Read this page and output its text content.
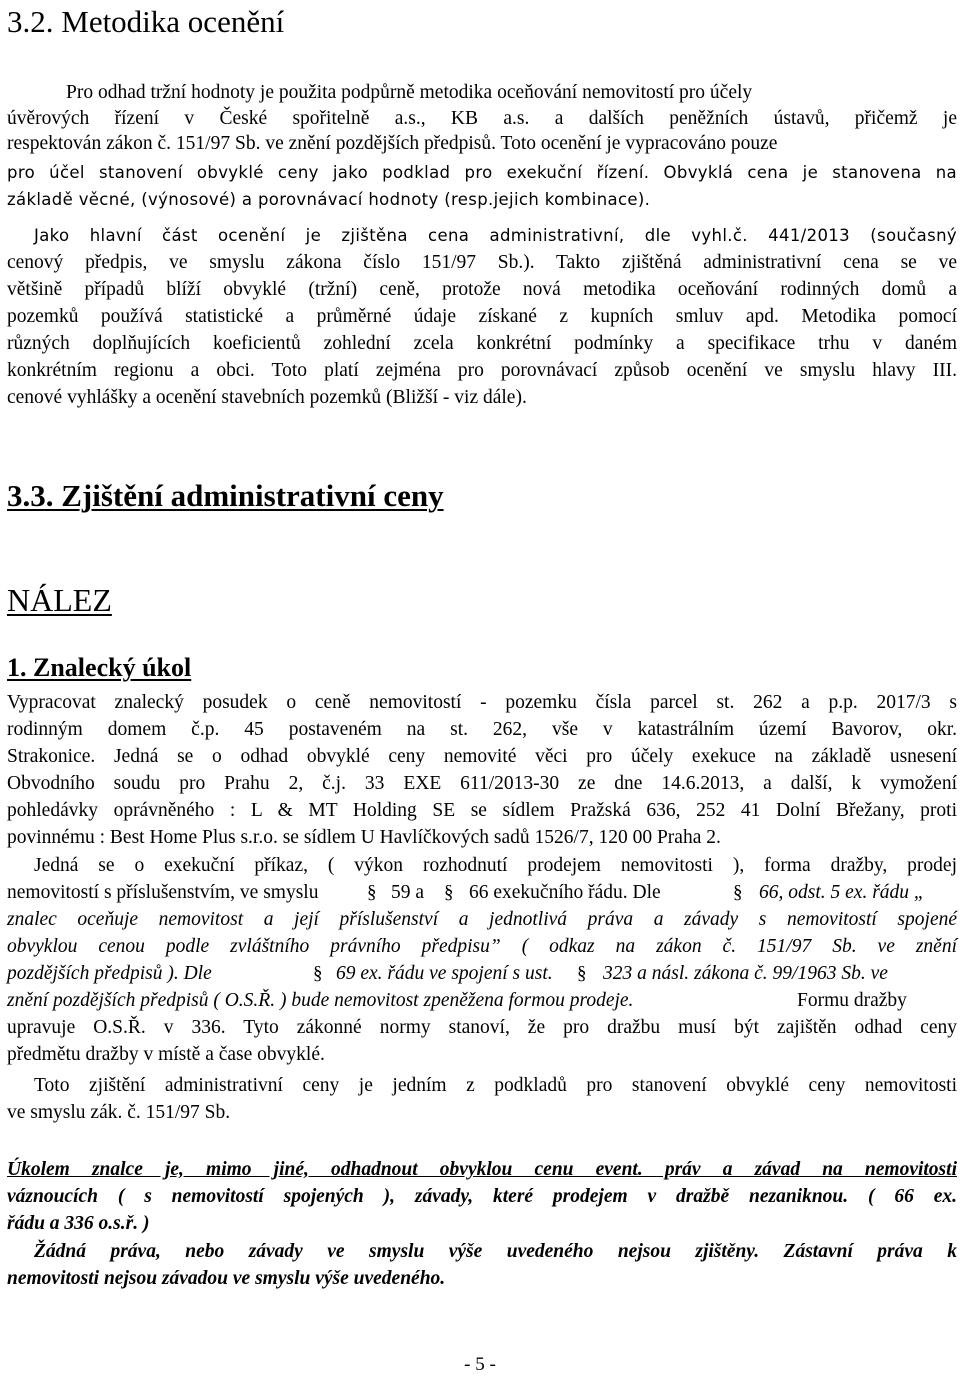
3.2. Metodika ocenění

Pro odhad tržní hodnoty je použita podpůrně metodika oceňování nemovitostí pro účely

úvěrových řízení v České spořitelně a.s., KB a.s. a dalších peněžních ústavů, přičemž je

respektován zákon č. 151/97 Sb. ve znění pozdějších předpisů. Toto ocenění je vypracováno pouze

pro účel stanovení obvyklé ceny jako podklad pro exekuční řízení. Obvyklá cena je stanovena na

základě věcné, (výnosové) a porovnávací hodnoty (resp.jejich kombinace).

Jako hlavní část ocenění je zjištěna cena administrativní, dle vyhl.č. 441/2013 (současný

cenový předpis, ve smyslu zákona číslo 151/97 Sb.). Takto zjištěná administrativní cena se ve

většině případů blíží obvyklé (tržní) ceně, protože nová metodika oceňování rodinných domů a

pozemků používá statistické a průměrné údaje získané z kupních smluv apd. Metodika pomocí

různých doplňujících koeficientů zohlední zcela konkrétní podmínky a specifikace trhu v daném

konkrétním regionu a obci. Toto platí zejména pro porovnávací způsob ocenění ve smyslu hlavy III.

cenové vyhlášky a ocenění stavebních pozemků (Bližší - viz dále).

3.3. Zjištění administrativní ceny
NÁLEZ
1. Znalecký úkol

Vypracovat znalecký posudek o ceně nemovitostí - pozemku čísla parcel st. 262 a p.p. 2017/3 s

rodinným domem č.p. 45 postaveném na st. 262, vše v katastrálním území Bavorov, okr.

Strakonice. Jedná se o odhad obvyklé ceny nemovité věci pro účely exekuce na základě usnesení

Obvodního soudu pro Prahu 2, č.j. 33 EXE 611/2013-30 ze dne 14.6.2013, a další, k vymožení

pohledávky oprávněného : L & MT Holding SE se sídlem Pražská 636, 252 41 Dolní Břežany, proti

povinnému : Best Home Plus s.r.o. se sídlem U Havlíčkových sadů 1526/7, 120 00 Praha 2.

Jedná se o exekuční příkaz, ( výkon rozhodnutí prodejem nemovitosti ), forma dražby, prodej

nemovitostí s příslušenstvím, ve smyslu	§ 59 a § 66 exekučního řádu. Dle	§ 66, odst. 5 ex. řádu „

znalec oceňuje nemovitost a její příslušenství a jednotlivá práva a závady s nemovitostí spojené

obvyklou cenou podle zvláštního právního předpisu” ( odkaz na zákon č. 151/97 Sb. ve znění

pozdějších předpisů ). Dle	§ 69 ex. řádu ve spojení s ust. § 323 a násl. zákona č. 99/1963 Sb. ve

znění pozdějších předpisů ( O.S.Ř. ) bude nemovitost zpeněžena formou prodeje.	Formu dražby

upravuje O.S.Ř. v 336. Tyto zákonné normy stanoví, že pro dražbu musí být zajištěn odhad ceny

předmětu dražby v místě a čase obvyklé.

Toto zjištění administrativní ceny je jedním z podkladů pro stanovení obvyklé ceny nemovitosti

ve smyslu zák. č. 151/97 Sb.

Úkolem znalce je, mimo jiné, odhadnout obvyklou cenu event. práv a závad na nemovitosti

váznoucích ( s nemovitostí spojených ), závady, které prodejem v dražbě nezaniknou. ( 66 ex.

řádu a 336 o.s.ř. )

Žádná práva, nebo závady ve smyslu výše uvedeného nejsou zjištěny. Zástavní práva k

nemovitosti nejsou závadou ve smyslu výše uvedeného.

- 5 -
